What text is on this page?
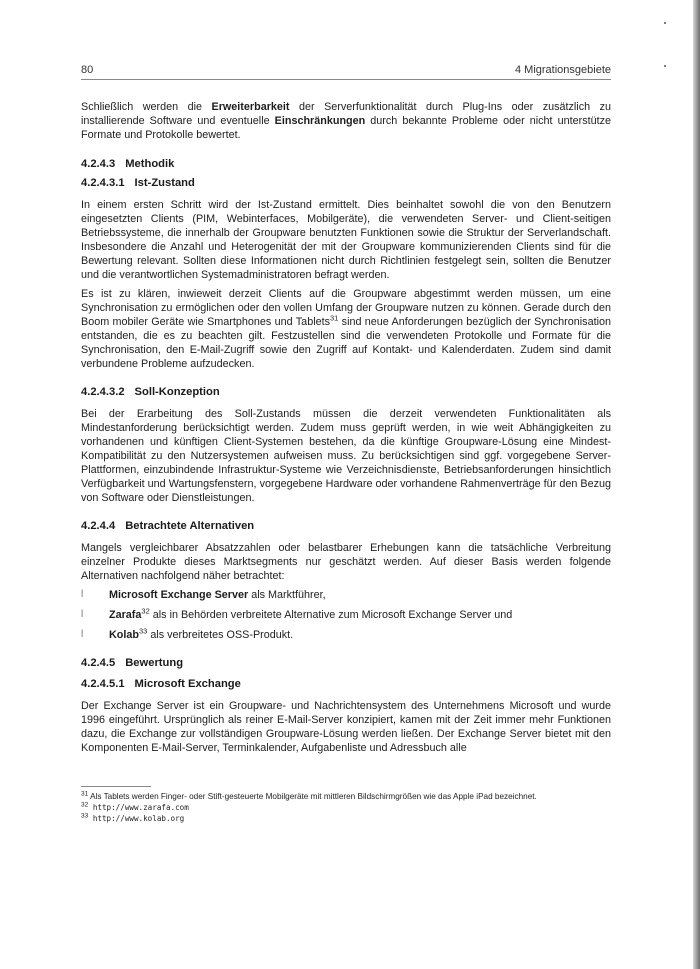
80	4 Migrationsgebiete

Schließlich werden die Erweiterbarkeit der Serverfunktionalität durch Plug-Ins oder zusätzlich zu installierende Software und eventuelle Einschränkungen durch bekannte Probleme oder nicht unterstütze Formate und Protokolle bewertet.

4.2.4.3 Methodik
4.2.4.3.1 Ist-Zustand

In einem ersten Schritt wird der Ist-Zustand ermittelt. Dies beinhaltet sowohl die von den Benutzern eingesetzten Clients (PIM, Webinterfaces, Mobilgeräte), die verwendeten Server- und Client-seitigen Betriebssysteme, die innerhalb der Groupware benutzten Funktionen sowie die Struktur der Serverlandschaft. Insbesondere die Anzahl und Heterogenität der mit der Groupware kommunizierenden Clients sind für die Bewertung relevant. Sollten diese Informationen nicht durch Richtlinien festgelegt sein, sollten die Benutzer und die verantwortlichen Systemadministratoren befragt werden.

Es ist zu klären, inwieweit derzeit Clients auf die Groupware abgestimmt werden müssen, um eine Synchronisation zu ermöglichen oder den vollen Umfang der Groupware nutzen zu können. Gerade durch den Boom mobiler Geräte wie Smartphones und Tablets$^{31}$ sind neue Anforderungen bezüglich der Synchronisation entstanden, die es zu beachten gilt. Festzustellen sind die verwendeten Protokolle und Formate für die Synchronisation, den E-Mail-Zugriff sowie den Zugriff auf Kontakt- und Kalenderdaten. Zudem sind damit verbundene Probleme aufzudecken.

4.2.4.3.2 Soll-Konzeption

Bei der Erarbeitung des Soll-Zustands müssen die derzeit verwendeten Funktionalitäten als Mindestanforderung berücksichtigt werden. Zudem muss geprüft werden, in wie weit Abhängigkeiten zu vorhandenen und künftigen Client-Systemen bestehen, da die künftige Groupware-Lösung eine Mindest-Kompatibilität zu den Nutzersystemen aufweisen muss. Zu berücksichtigen sind ggf. vorgegebene Server-Plattformen, einzubindende Infrastruktur-Systeme wie Verzeichnisdienste, Betriebsanforderungen hinsichtlich Verfügbarkeit und Wartungsfenstern, vorgegebene Hardware oder vorhandene Rahmenverträge für den Bezug von Software oder Dienstleistungen.

4.2.4.4 Betrachtete Alternativen

Mangels vergleichbarer Absatzzahlen oder belastbarer Erhebungen kann die tatsächliche Verbreitung einzelner Produkte dieses Marktsegments nur geschätzt werden. Auf dieser Basis werden folgende Alternativen nachfolgend näher betrachtet:

l Microsoft Exchange Server als Marktführer,
l Zarafa$^{32}$ als in Behörden verbreitete Alternative zum Microsoft Exchange Server und
l Kolab$^{33}$ als verbreitetes OSS-Produkt.
4.2.4.5 Bewertung
4.2.4.5.1 Microsoft Exchange

Der Exchange Server ist ein Groupware- und Nachrichtensystem des Unternehmens Microsoft und wurde 1996 eingeführt. Ursprünglich als reiner E-Mail-Server konzipiert, kamen mit der Zeit immer mehr Funktionen dazu, die Exchange zur vollständigen Groupware-Lösung werden ließen. Der Exchange Server bietet mit den Komponenten E-Mail-Server, Terminkalender, Aufgabenliste und Adressbuch alle

$^{31}$ Als Tablets werden Finger- oder Stift-gesteuerte Mobilgeräte mit mittleren Bildschirmgrößen wie das Apple iPad bezeichnet.
$^{32}$ http://www.zarafa.com
$^{33}$ http://www.kolab.org
